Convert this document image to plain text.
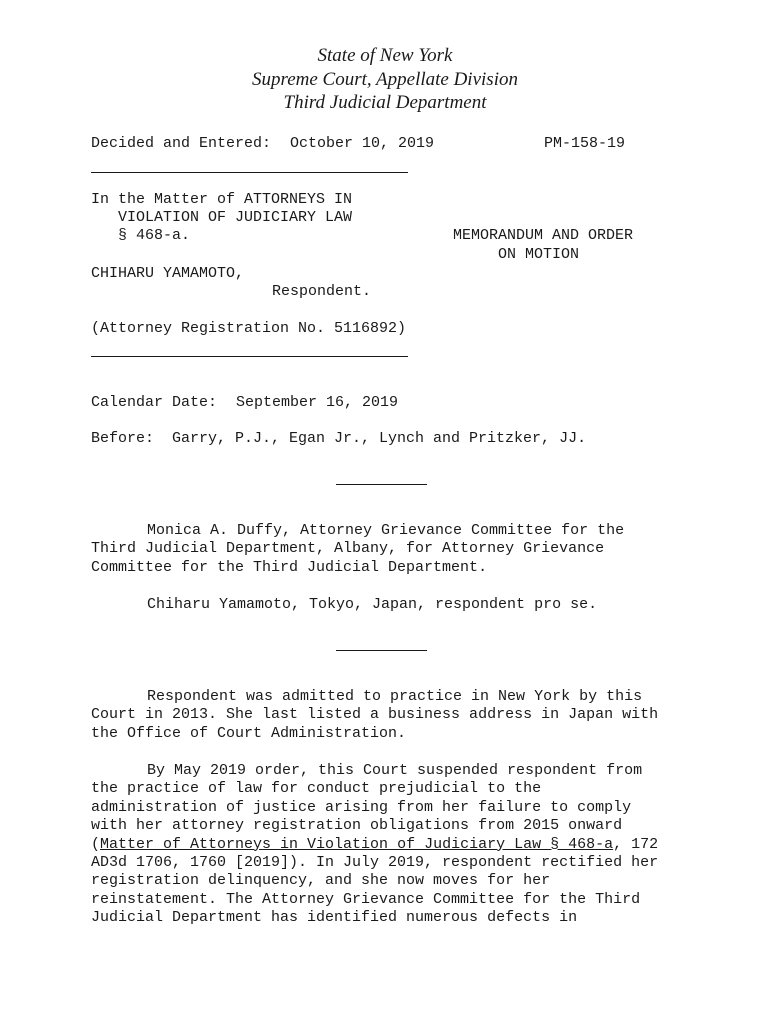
State of New York
Supreme Court, Appellate Division
Third Judicial Department
Decided and Entered: October 10, 2019	PM-158-19
In the Matter of ATTORNEYS IN
VIOLATION OF JUDICIARY LAW
§ 468-a.	MEMORANDUM AND ORDER
ON MOTION
CHIHARU YAMAMOTO,
Respondent.
(Attorney Registration No. 5116892)
Calendar Date: September 16, 2019
Before: Garry, P.J., Egan Jr., Lynch and Pritzker, JJ.
Monica A. Duffy, Attorney Grievance Committee for the
Third Judicial Department, Albany, for Attorney Grievance
Committee for the Third Judicial Department.
Chiharu Yamamoto, Tokyo, Japan, respondent pro se.
Respondent was admitted to practice in New York by this
Court in 2013. She last listed a business address in Japan with
the Office of Court Administration.
By May 2019 order, this Court suspended respondent from
the practice of law for conduct prejudicial to the
administration of justice arising from her failure to comply
with her attorney registration obligations from 2015 onward
(Matter of Attorneys in Violation of Judiciary Law § 468-a, 172
AD3d 1706, 1760 [2019]). In July 2019, respondent rectified her
registration delinquency, and she now moves for her
reinstatement. The Attorney Grievance Committee for the Third
Judicial Department has identified numerous defects in
